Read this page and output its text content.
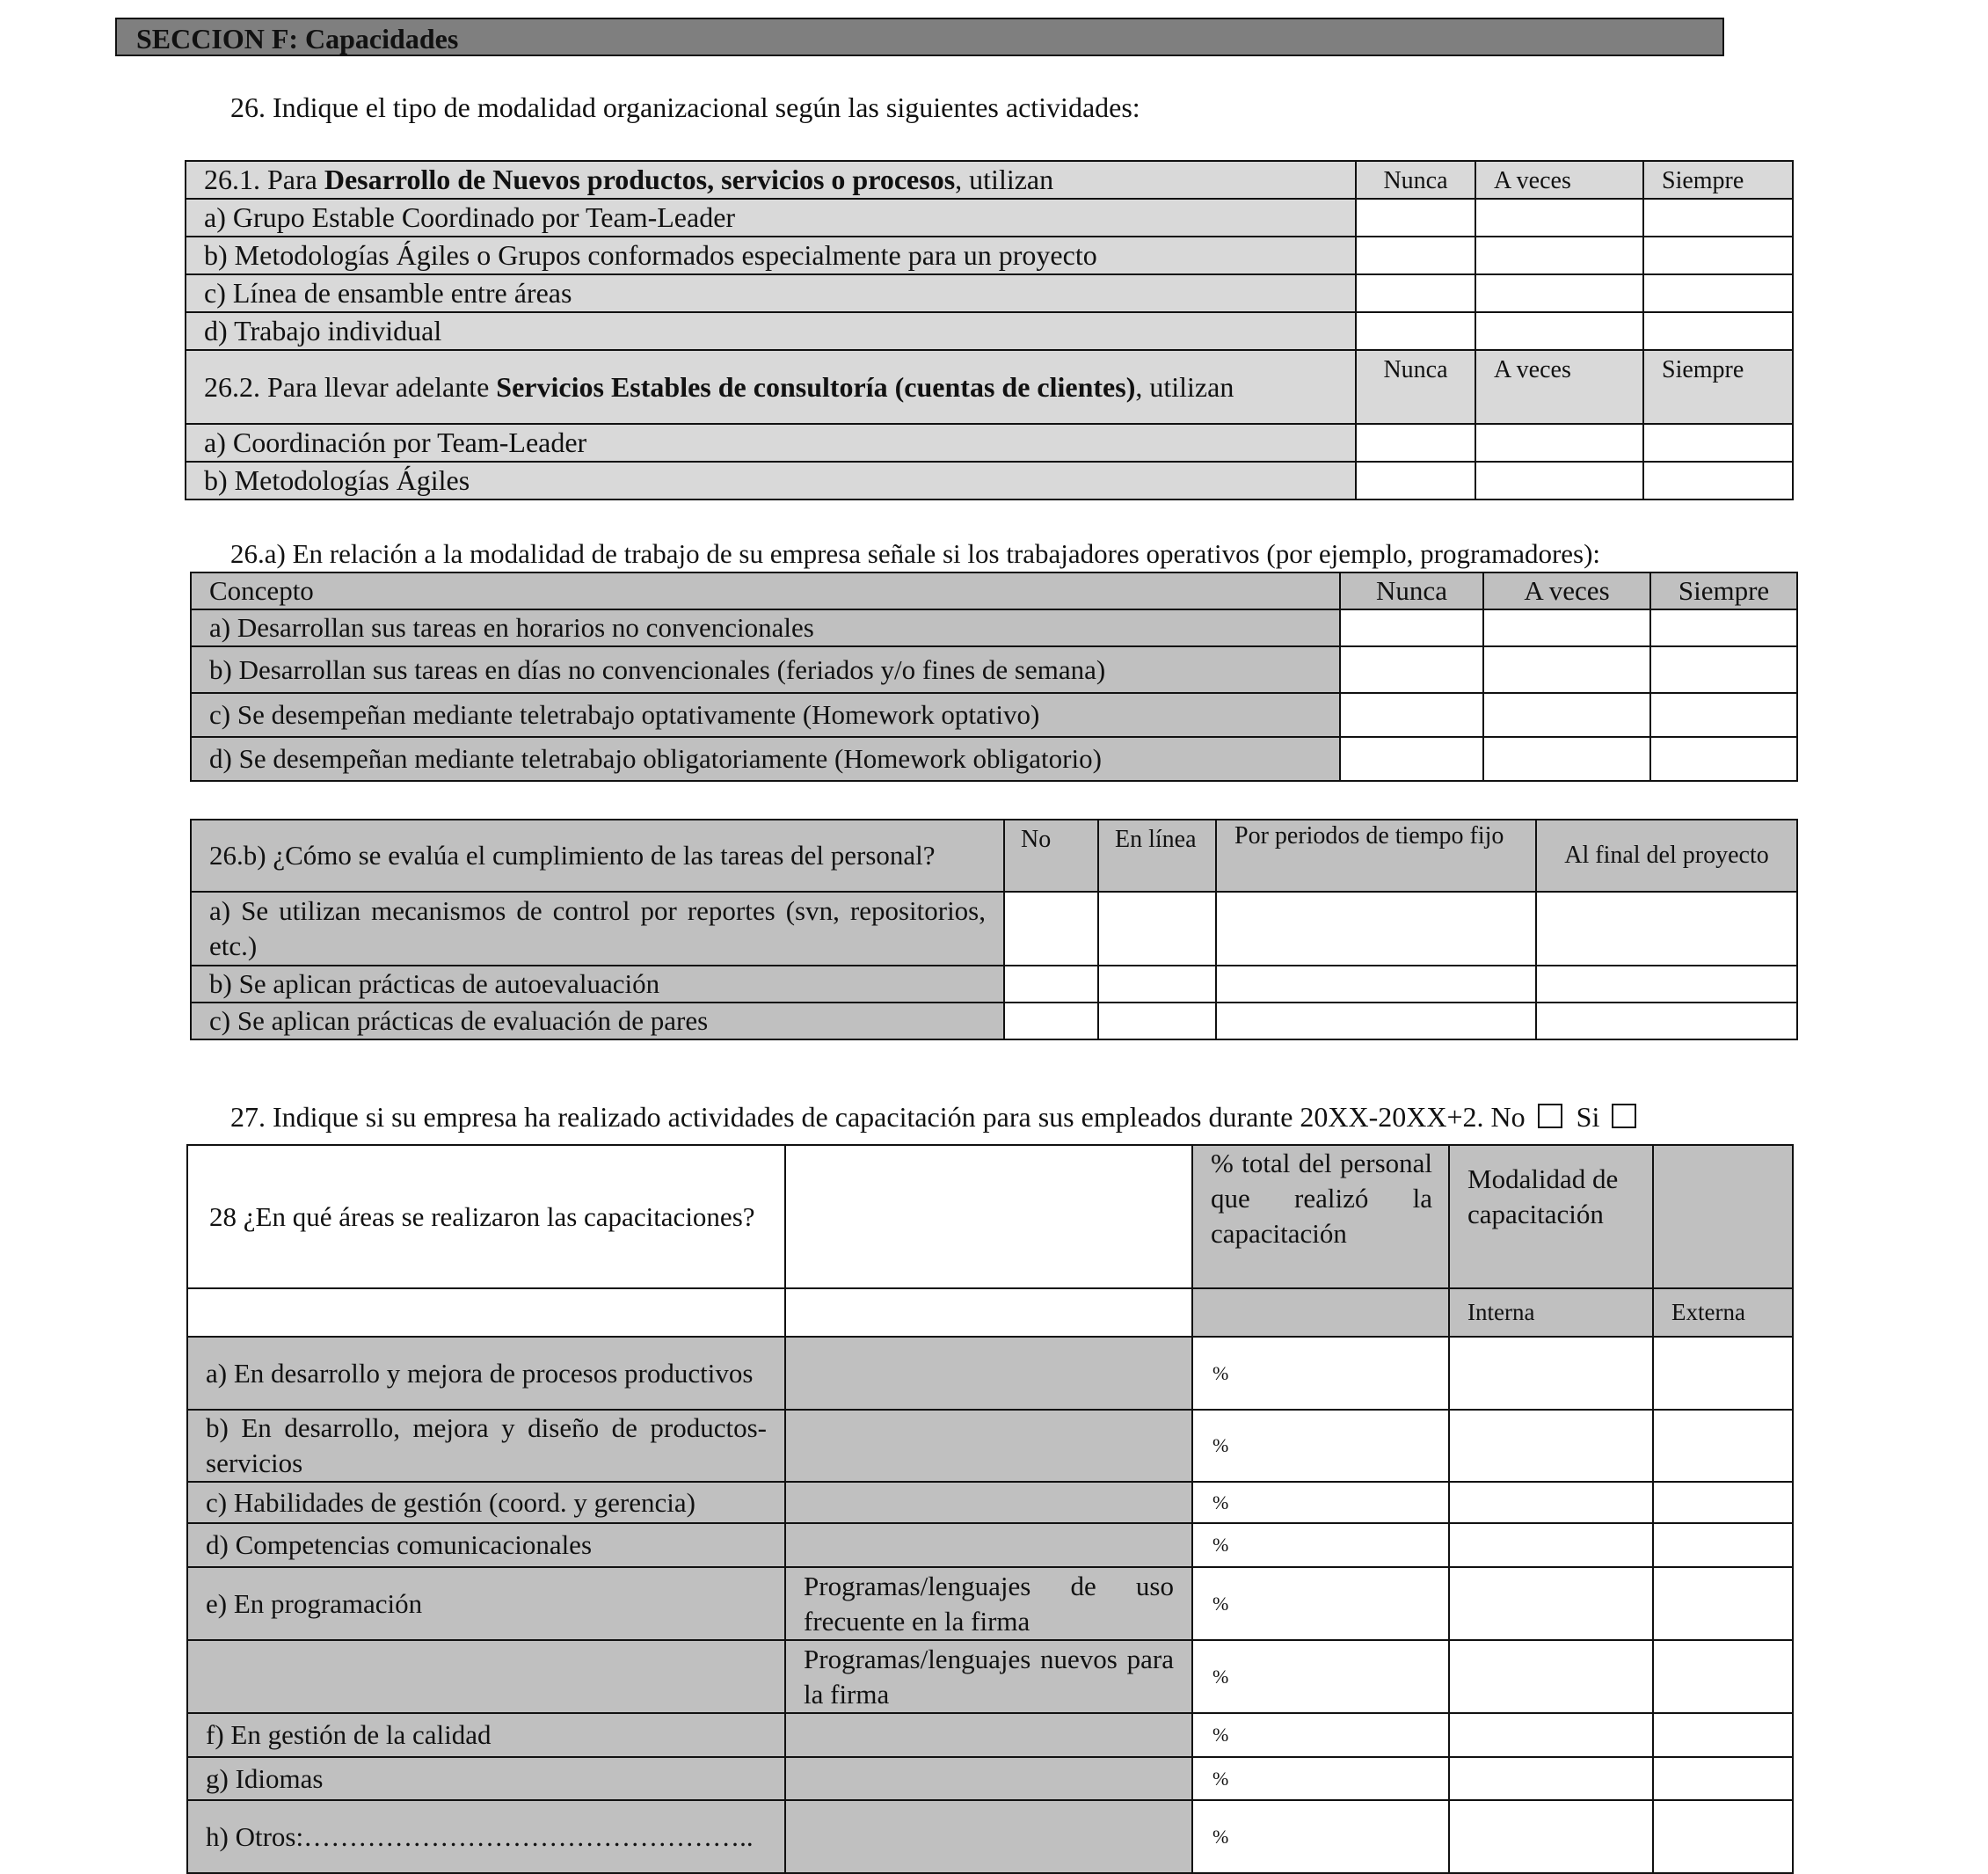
SECCION F: Capacidades
26. Indique el tipo de modalidad organizacional según las siguientes actividades:
26.1. Para Desarrollo de Nuevos productos, servicios o procesos, utilizan	Nunca	A veces	Siempre
a) Grupo Estable Coordinado por Team-Leader			
b) Metodologías Ágiles o Grupos conformados especialmente para un proyecto			
c) Línea de ensamble entre áreas			
d) Trabajo individual			
26.2. Para llevar adelante Servicios Estables de consultoría (cuentas de clientes), utilizan	Nunca	A veces	Siempre
a) Coordinación por Team-Leader			
b) Metodologías Ágiles			
26.a) En relación a la modalidad de trabajo de su empresa señale si los trabajadores operativos (por ejemplo, programadores):
Concepto	Nunca	A veces	Siempre
a) Desarrollan sus tareas en horarios no convencionales			
b) Desarrollan sus tareas en días no convencionales (feriados y/o fines de semana)			
c) Se desempeñan mediante teletrabajo optativamente (Homework optativo)			
d) Se desempeñan mediante teletrabajo obligatoriamente (Homework obligatorio)			
26.b) ¿Cómo se evalúa el cumplimiento de las tareas del personal?	No	En línea	Por periodos de tiempo fijo	Al final del proyecto
a) Se utilizan mecanismos de control por reportes (svn, repositorios, etc.)				
b) Se aplican prácticas de autoevaluación				
c) Se aplican prácticas de evaluación de pares				
27. Indique si su empresa ha realizado actividades de capacitación para sus empleados durante 20XX-20XX+2. No Si
28 ¿En qué áreas se realizaron las capacitaciones?		% total del personal que realizó la capacitación	Modalidad de capacitación	
			Interna	Externa
a) En desarrollo y mejora de procesos productivos		%		
b) En desarrollo, mejora y diseño de productos-servicios		%		
c) Habilidades de gestión (coord. y gerencia)		%		
d) Competencias comunicacionales		%		
e) En programación	Programas/lenguajes de uso frecuente en la firma	%		
	Programas/lenguajes nuevos para la firma	%		
f) En gestión de la calidad		%		
g) Idiomas		%		
h) Otros:…………………………………………..		%		
